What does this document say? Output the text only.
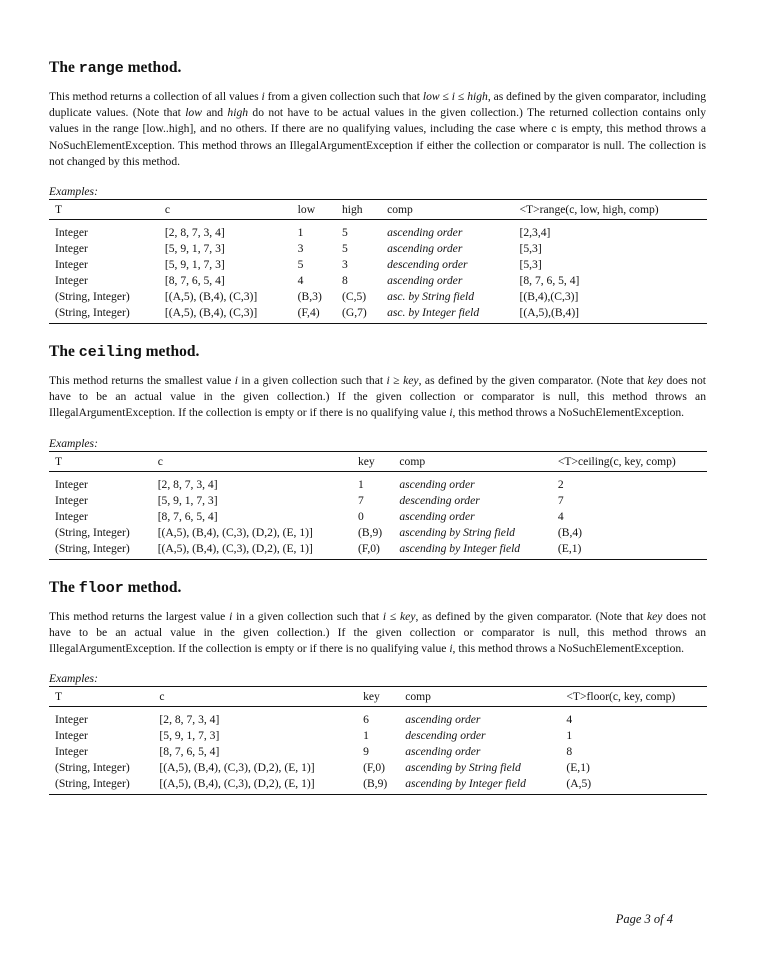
The range method.

This method returns a collection of all values i from a given collection such that low ≤ i ≤ high, as defined by the given comparator, including duplicate values. (Note that low and high do not have to be actual values in the given collection.) The returned collection contains only values in the range [low..high], and no others. If there are no qualifying values, including the case where c is empty, this method throws a NoSuchElementException. This method throws an IllegalArgumentException if either the collection or comparator is null. The collection is not changed by this method.

Examples:

T	c	low	high	comp	<T>range(c, low, high, comp)
Integer	[2, 8, 7, 3, 4]	1	5	ascending order	[2,3,4]
Integer	[5, 9, 1, 7, 3]	3	5	ascending order	[5,3]
Integer	[5, 9, 1, 7, 3]	5	3	descending order	[5,3]
Integer	[8, 7, 6, 5, 4]	4	8	ascending order	[8, 7, 6, 5, 4]
(String, Integer)	[(A,5), (B,4), (C,3)]	(B,3)	(C,5)	asc. by String field	[(B,4),(C,3)]
(String, Integer)	[(A,5), (B,4), (C,3)]	(F,4)	(G,7)	asc. by Integer field	[(A,5),(B,4)]
The ceiling method.

This method returns the smallest value i in a given collection such that i ≥ key, as defined by the given comparator. (Note that key does not have to be an actual value in the given collection.) If the given collection or comparator is null, this method throws an IllegalArgumentException. If the collection is empty or if there is no qualifying value i, this method throws a NoSuchElementException.

Examples:

T	c	key	comp	<T>ceiling(c, key, comp)
Integer	[2, 8, 7, 3, 4]	1	ascending order	2
Integer	[5, 9, 1, 7, 3]	7	descending order	7
Integer	[8, 7, 6, 5, 4]	0	ascending order	4
(String, Integer)	[(A,5), (B,4), (C,3), (D,2), (E, 1)]	(B,9)	ascending by String field	(B,4)
(String, Integer)	[(A,5), (B,4), (C,3), (D,2), (E, 1)]	(F,0)	ascending by Integer field	(E,1)
The floor method.

This method returns the largest value i in a given collection such that i ≤ key, as defined by the given comparator. (Note that key does not have to be an actual value in the given collection.) If the given collection or comparator is null, this method throws an IllegalArgumentException. If the collection is empty or if there is no qualifying value i, this method throws a NoSuchElementException.

Examples:

T	c	key	comp	<T>floor(c, key, comp)
Integer	[2, 8, 7, 3, 4]	6	ascending order	4
Integer	[5, 9, 1, 7, 3]	1	descending order	1
Integer	[8, 7, 6, 5, 4]	9	ascending order	8
(String, Integer)	[(A,5), (B,4), (C,3), (D,2), (E, 1)]	(F,0)	ascending by String field	(E,1)
(String, Integer)	[(A,5), (B,4), (C,3), (D,2), (E, 1)]	(B,9)	ascending by Integer field	(A,5)
Page 3 of 4
